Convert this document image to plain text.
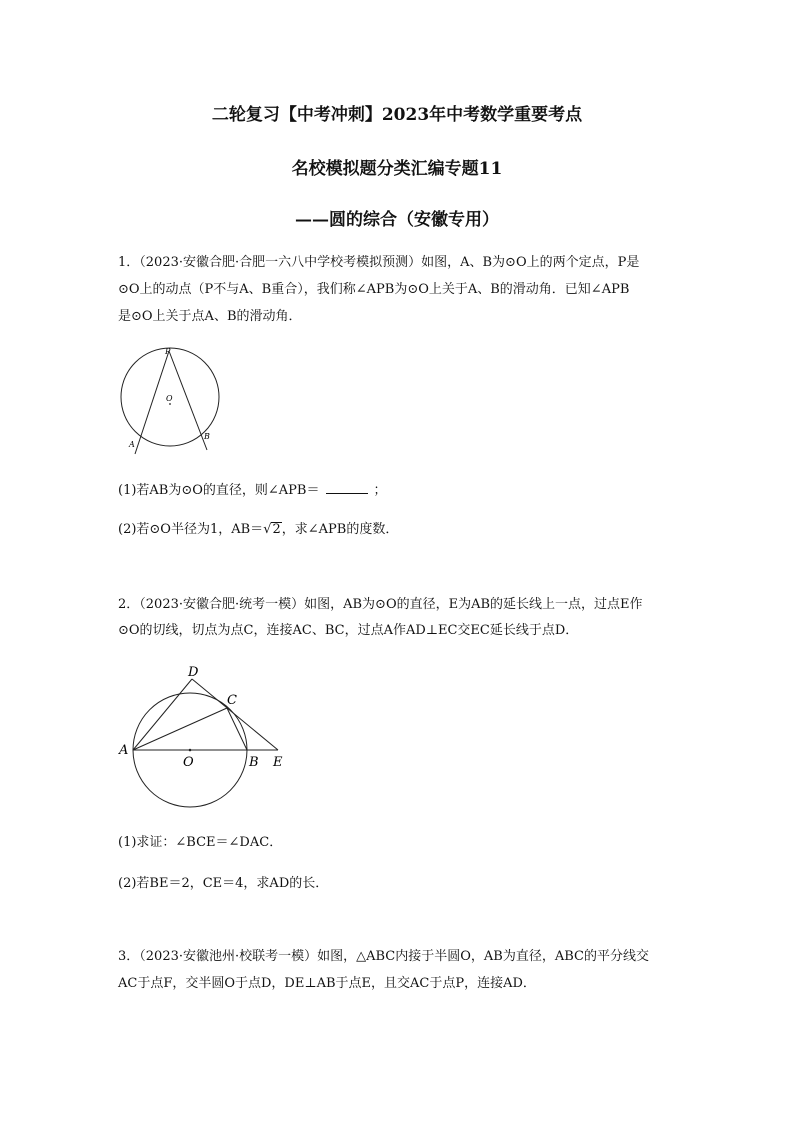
二轮复习【中考冲刺】2023年中考数学重要考点
名校模拟题分类汇编专题11
——圆的综合（安徽专用）
1．（2023·安徽合肥·合肥一六八中学校考模拟预测）如图，A、B为⊙O上的两个定点，P是
⊙O上的动点（P不与A、B重合），我们称∠APB为⊙O上关于A、B的滑动角．已知∠APB
是⊙O上关于点A、B的滑动角．
P
O
A
B
(1)若AB为⊙O的直径，则∠APB＝	；
(2)若⊙O半径为1，AB＝√2，求∠APB的度数．
2．（2023·安徽合肥·统考一模）如图，AB为⊙O的直径，E为AB的延长线上一点，过点E作
⊙O的切线，切点为点C，连接AC、BC，过点A作AD⊥EC交EC延长线于点D．
D
C
A
O	B E
(1)求证：∠BCE＝∠DAC．
(2)若BE＝2，CE＝4，求AD的长．
3．（2023·安徽池州·校联考一模）如图，△ABC内接于半圆O，AB为直径，ABC的平分线交
AC于点F，交半圆O于点D，DE⊥AB于点E，且交AC于点P，连接AD．
